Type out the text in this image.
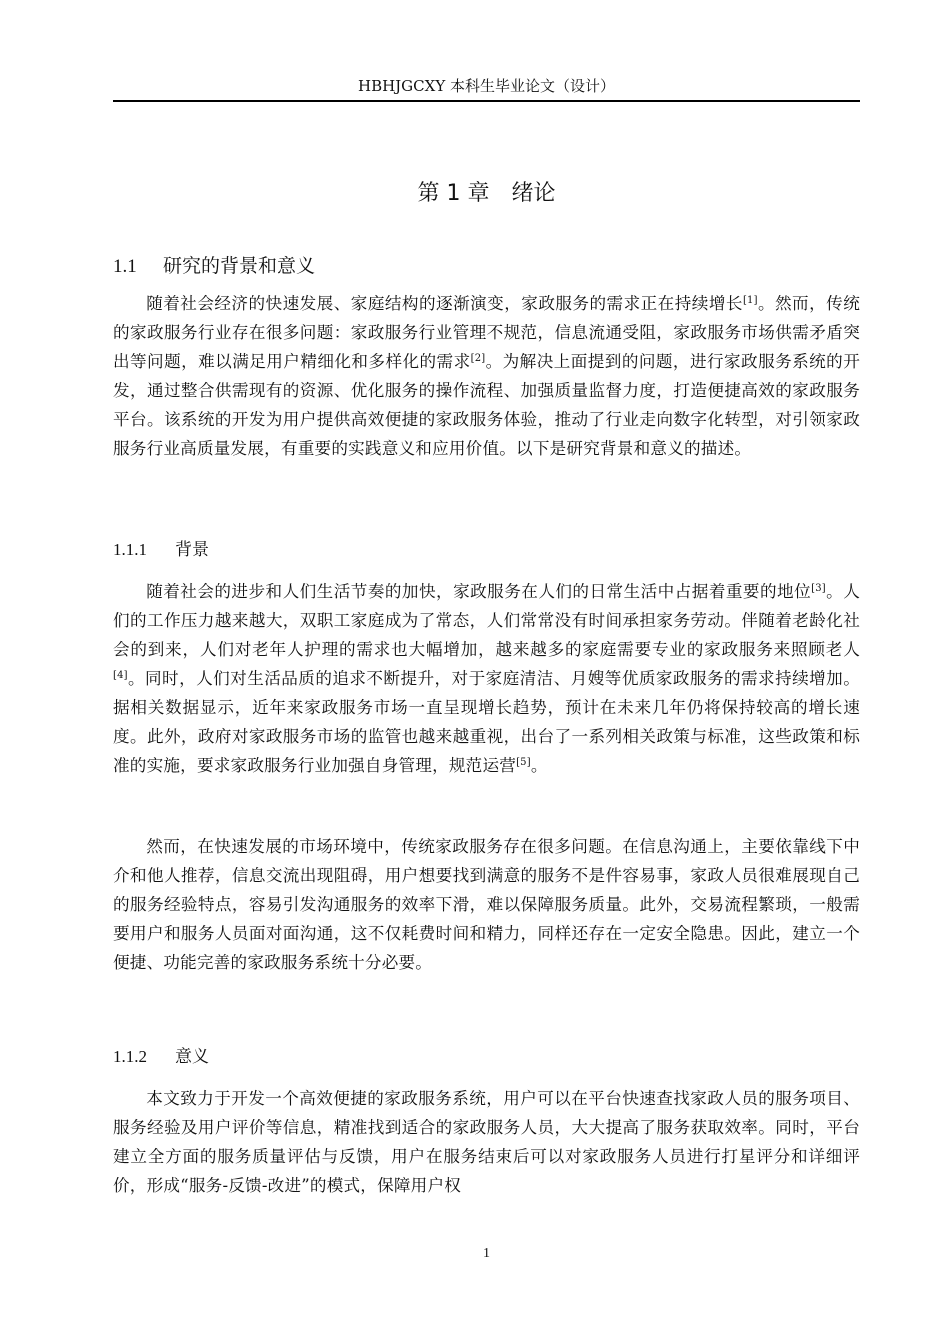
HBHJGCXY 本科生毕业论文（设计）
第 1 章 绪论
1.1 研究的背景和意义

随着社会经济的快速发展、家庭结构的逐渐演变，家政服务的需求正在持续增长[1]。然而，传统的家政服务行业存在很多问题：家政服务行业管理不规范，信息流通受阻，家政服务市场供需矛盾突出等问题，难以满足用户精细化和多样化的需求[2]。为解决上面提到的问题，进行家政服务系统的开发，通过整合供需现有的资源、优化服务的操作流程、加强质量监督力度，打造便捷高效的家政服务平台。该系统的开发为用户提供高效便捷的家政服务体验，推动了行业走向数字化转型，对引领家政服务行业高质量发展，有重要的实践意义和应用价值。以下是研究背景和意义的描述。

1.1.1 背景

随着社会的进步和人们生活节奏的加快，家政服务在人们的日常生活中占据着重要的地位[3]。人们的工作压力越来越大，双职工家庭成为了常态，人们常常没有时间承担家务劳动。伴随着老龄化社会的到来，人们对老年人护理的需求也大幅增加，越来越多的家庭需要专业的家政服务来照顾老人[4]。同时，人们对生活品质的追求不断提升，对于家庭清洁、月嫂等优质家政服务的需求持续增加。据相关数据显示，近年来家政服务市场一直呈现增长趋势，预计在未来几年仍将保持较高的增长速度。此外，政府对家政服务市场的监管也越来越重视，出台了一系列相关政策与标准，这些政策和标准的实施，要求家政服务行业加强自身管理，规范运营[5]。

然而，在快速发展的市场环境中，传统家政服务存在很多问题。在信息沟通上，主要依靠线下中介和他人推荐，信息交流出现阻碍，用户想要找到满意的服务不是件容易事，家政人员很难展现自己的服务经验特点，容易引发沟通服务的效率下滑，难以保障服务质量。此外，交易流程繁琐，一般需要用户和服务人员面对面沟通，这不仅耗费时间和精力，同样还存在一定安全隐患。因此，建立一个便捷、功能完善的家政服务系统十分必要。

1.1.2 意义

本文致力于开发一个高效便捷的家政服务系统，用户可以在平台快速查找家政人员的服务项目、服务经验及用户评价等信息，精准找到适合的家政服务人员，大大提高了服务获取效率。同时，平台建立全方面的服务质量评估与反馈，用户在服务结束后可以对家政服务人员进行打星评分和详细评价，形成“服务-反馈-改进”的模式，保障用户权

1
